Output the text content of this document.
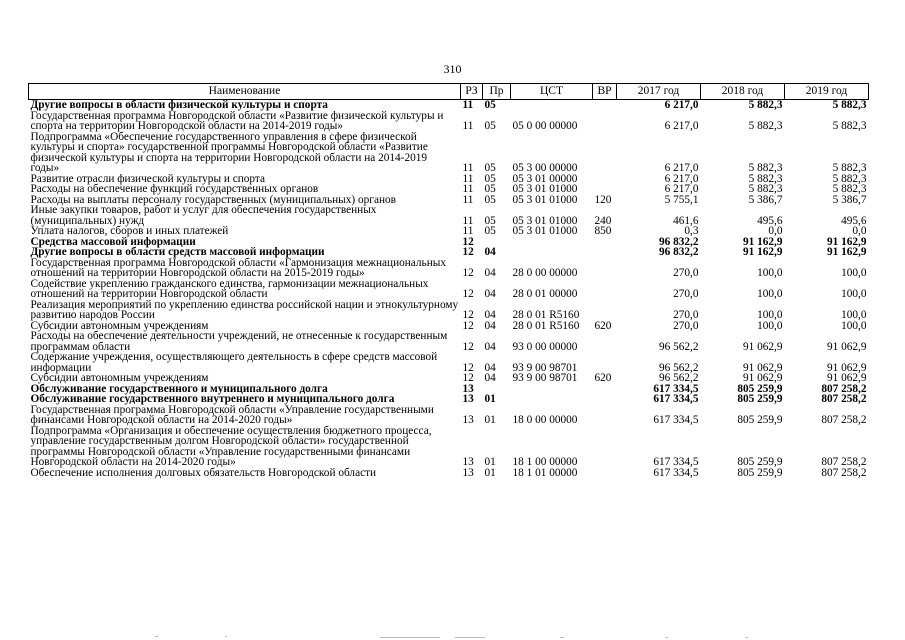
310
Наименование	РЗ	Пр	ЦСТ	ВР	2017 год	2018 год	2019 год
Другие вопросы в области физической культуры и спорта	11	05			6 217,0	5 882,3	5 882,3
Государственная программа Новгородской области «Развитие физической культуры и спорта на территории Новгородской области на 2014-2019 годы»	11	05	05 0 00 00000		6 217,0	5 882,3	5 882,3
Подпрограмма «Обеспечение государственного управления в сфере физической культуры и спорта» государственной программы Новгородской области «Развитие физической культуры и спорта на территории Новгородской области на 2014-2019 годы»	11	05	05 3 00 00000		6 217,0	5 882,3	5 882,3
Развитие отрасли физической культуры и спорта	11	05	05 3 01 00000		6 217,0	5 882,3	5 882,3
Расходы на обеспечение функций государственных органов	11	05	05 3 01 01000		6 217,0	5 882,3	5 882,3
Расходы на выплаты персоналу государственных (муниципальных) органов	11	05	05 3 01 01000	120	5 755,1	5 386,7	5 386,7
Иные закупки товаров, работ и услуг для обеспечения государственных (муниципальных) нужд	11	05	05 3 01 01000	240	461,6	495,6	495,6
Уплата налогов, сборов и иных платежей	11	05	05 3 01 01000	850	0,3	0,0	0,0
Средства массовой информации	12				96 832,2	91 162,9	91 162,9
Другие вопросы в области средств массовой информации	12	04			96 832,2	91 162,9	91 162,9
Государственная программа Новгородской области «Гармонизация межнациональных отношений на территории Новгородской области на 2015-2019 годы»	12	04	28 0 00 00000		270,0	100,0	100,0
Содействие укреплению гражданского единства, гармонизации межнациональных отношений на территории Новгородской области	12	04	28 0 01 00000		270,0	100,0	100,0
Реализация мероприятий по укреплению единства российской нации и этнокультурному развитию народов России	12	04	28 0 01 R5160		270,0	100,0	100,0
Субсидии автономным учреждениям	12	04	28 0 01 R5160	620	270,0	100,0	100,0
Расходы на обеспечение деятельности учреждений, не отнесенные к государственным программам области	12	04	93 0 00 00000		96 562,2	91 062,9	91 062,9
Содержание учреждения, осуществляющего деятельность в сфере средств массовой информации	12	04	93 9 00 98701		96 562,2	91 062,9	91 062,9
Субсидии автономным учреждениям	12	04	93 9 00 98701	620	96 562,2	91 062,9	91 062,9
Обслуживание государственного и муниципального долга	13				617 334,5	805 259,9	807 258,2
Обслуживание государственного внутреннего и муниципального долга	13	01			617 334,5	805 259,9	807 258,2
Государственная программа Новгородской области «Управление государственными финансами Новгородской области на 2014-2020 годы»	13	01	18 0 00 00000		617 334,5	805 259,9	807 258,2
Подпрограмма «Организация и обеспечение осуществления бюджетного процесса, управление государственным долгом Новгородской области» государственной программы Новгородской области «Управление государственными финансами Новгородской области на 2014-2020 годы»	13	01	18 1 00 00000		617 334,5	805 259,9	807 258,2
Обеспечение исполнения долговых обязательств Новгородской области	13	01	18 1 01 00000		617 334,5	805 259,9	807 258,2
